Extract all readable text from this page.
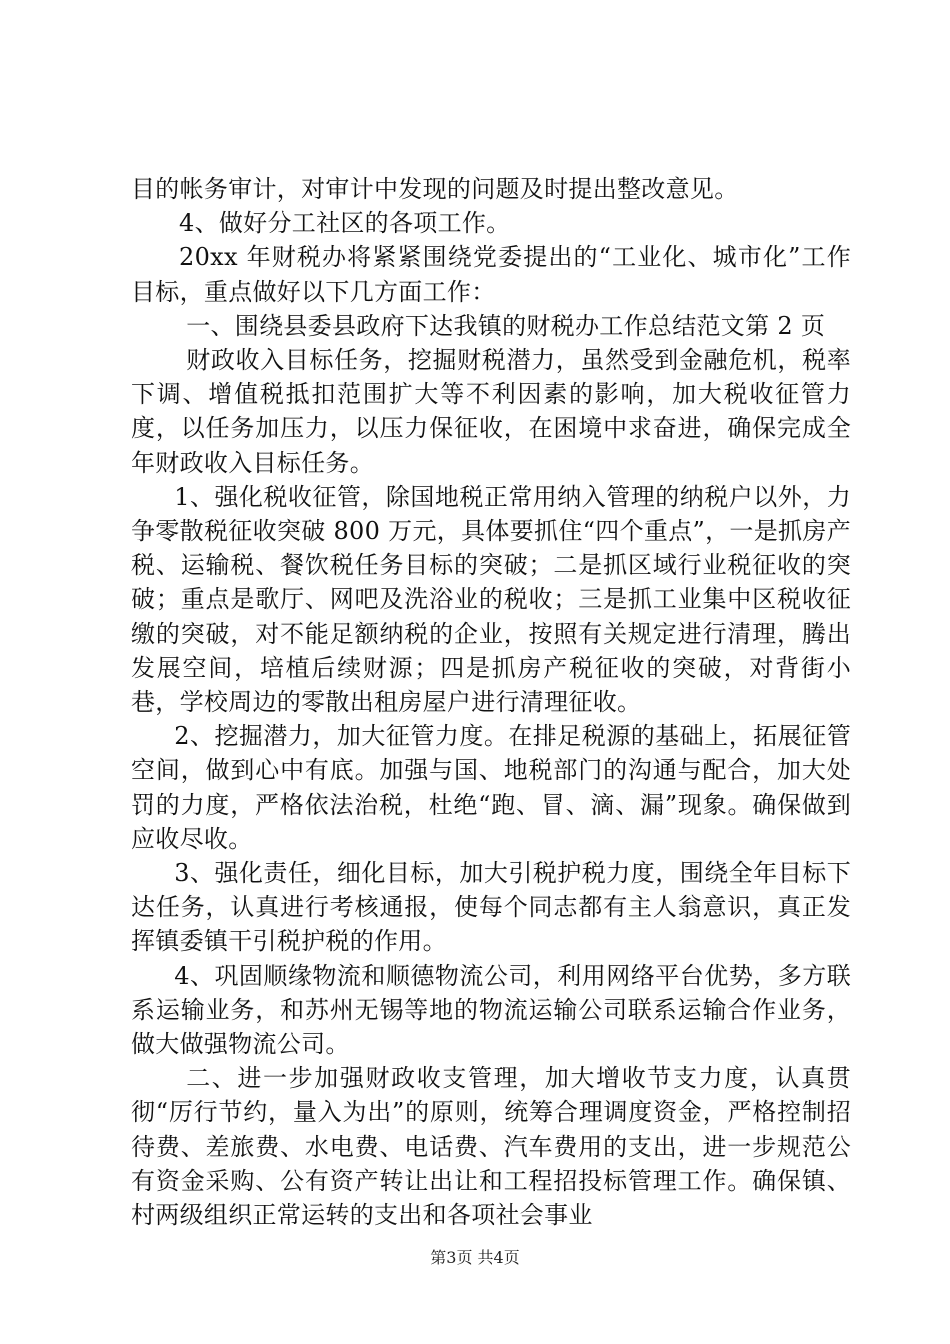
目的帐务审计，对审计中发现的问题及时提出整改意见。

4、做好分工社区的各项工作。

20xx 年财税办将紧紧围绕党委提出的“工业化、城市化”工作目标，重点做好以下几方面工作：

一、围绕县委县政府下达我镇的财税办工作总结范文第 2 页

财政收入目标任务，挖掘财税潜力，虽然受到金融危机，税率下调、增值税抵扣范围扩大等不利因素的影响，加大税收征管力度，以任务加压力，以压力保征收，在困境中求奋进，确保完成全年财政收入目标任务。

1、强化税收征管，除国地税正常用纳入管理的纳税户以外，力争零散税征收突破 800 万元，具体要抓住“四个重点”，一是抓房产税、运输税、餐饮税任务目标的突破；二是抓区域行业税征收的突破；重点是歌厅、网吧及洗浴业的税收；三是抓工业集中区税收征缴的突破，对不能足额纳税的企业，按照有关规定进行清理，腾出发展空间，培植后续财源；四是抓房产税征收的突破，对背街小巷，学校周边的零散出租房屋户进行清理征收。

2、挖掘潜力，加大征管力度。在排足税源的基础上，拓展征管空间，做到心中有底。加强与国、地税部门的沟通与配合，加大处罚的力度，严格依法治税，杜绝“跑、冒、滴、漏”现象。确保做到应收尽收。

3、强化责任，细化目标，加大引税护税力度，围绕全年目标下达任务，认真进行考核通报，使每个同志都有主人翁意识，真正发挥镇委镇干引税护税的作用。

4、巩固顺缘物流和顺德物流公司，利用网络平台优势，多方联系运输业务，和苏州无锡等地的物流运输公司联系运输合作业务，做大做强物流公司。

二、进一步加强财政收支管理，加大增收节支力度，认真贯彻“厉行节约，量入为出”的原则，统筹合理调度资金，严格控制招待费、差旅费、水电费、电话费、汽车费用的支出，进一步规范公有资金采购、公有资产转让出让和工程招投标管理工作。确保镇、村两级组织正常运转的支出和各项社会事业

第3页 共4页
